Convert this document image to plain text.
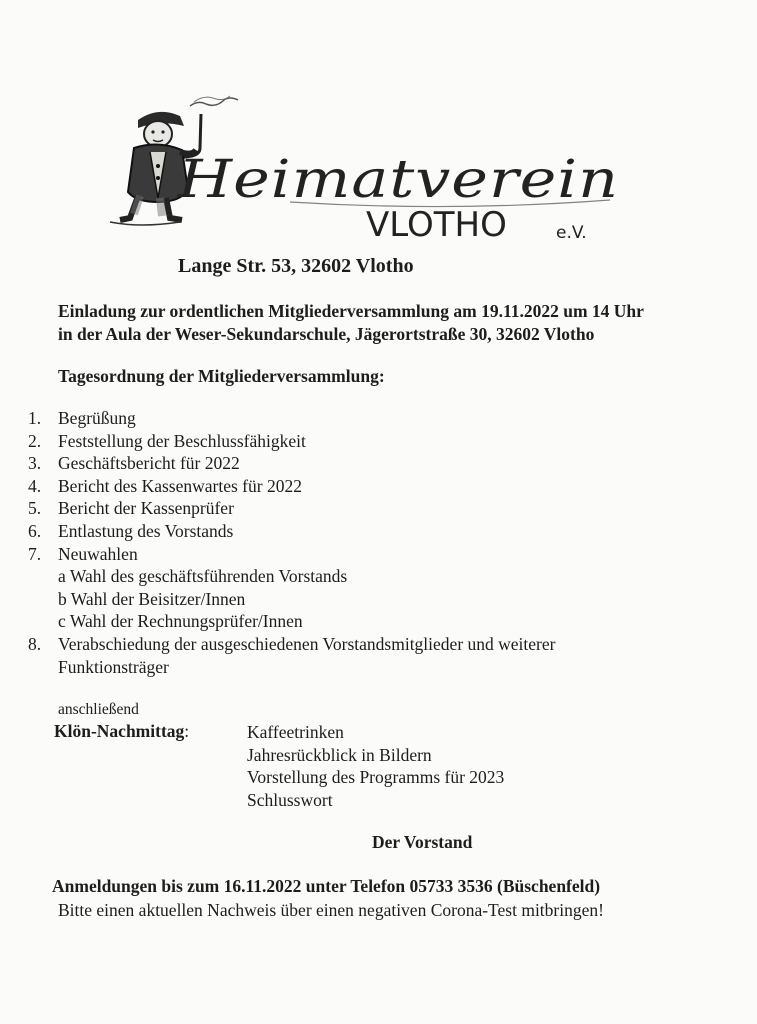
Heimatverein
VLOTHO	e.V.
Lange Str. 53, 32602 Vlotho
Einladung zur ordentlichen Mitgliederversammlung am 19.11.2022 um 14 Uhr
in der Aula der Weser-Sekundarschule, Jägerortstraße 30, 32602 Vlotho
Tagesordnung der Mitgliederversammlung:
1. Begrüßung
2. Feststellung der Beschlussfähigkeit
3. Geschäftsbericht für 2022
4. Bericht des Kassenwartes für 2022
5. Bericht der Kassenprüfer
6. Entlastung des Vorstands
7. Neuwahlen
a Wahl des geschäftsführenden Vorstands
b Wahl der Beisitzer/Innen
c Wahl der Rechnungsprüfer/Innen
8. Verabschiedung der ausgeschiedenen Vorstandsmitglieder und weiterer
Funktionsträger
anschließend
Klön-Nachmittag:	Kaffeetrinken
Jahresrückblick in Bildern
Vorstellung des Programms für 2023
Schlusswort
Der Vorstand
Anmeldungen bis zum 16.11.2022 unter Telefon 05733 3536 (Büschenfeld)
Bitte einen aktuellen Nachweis über einen negativen Corona-Test mitbringen!
